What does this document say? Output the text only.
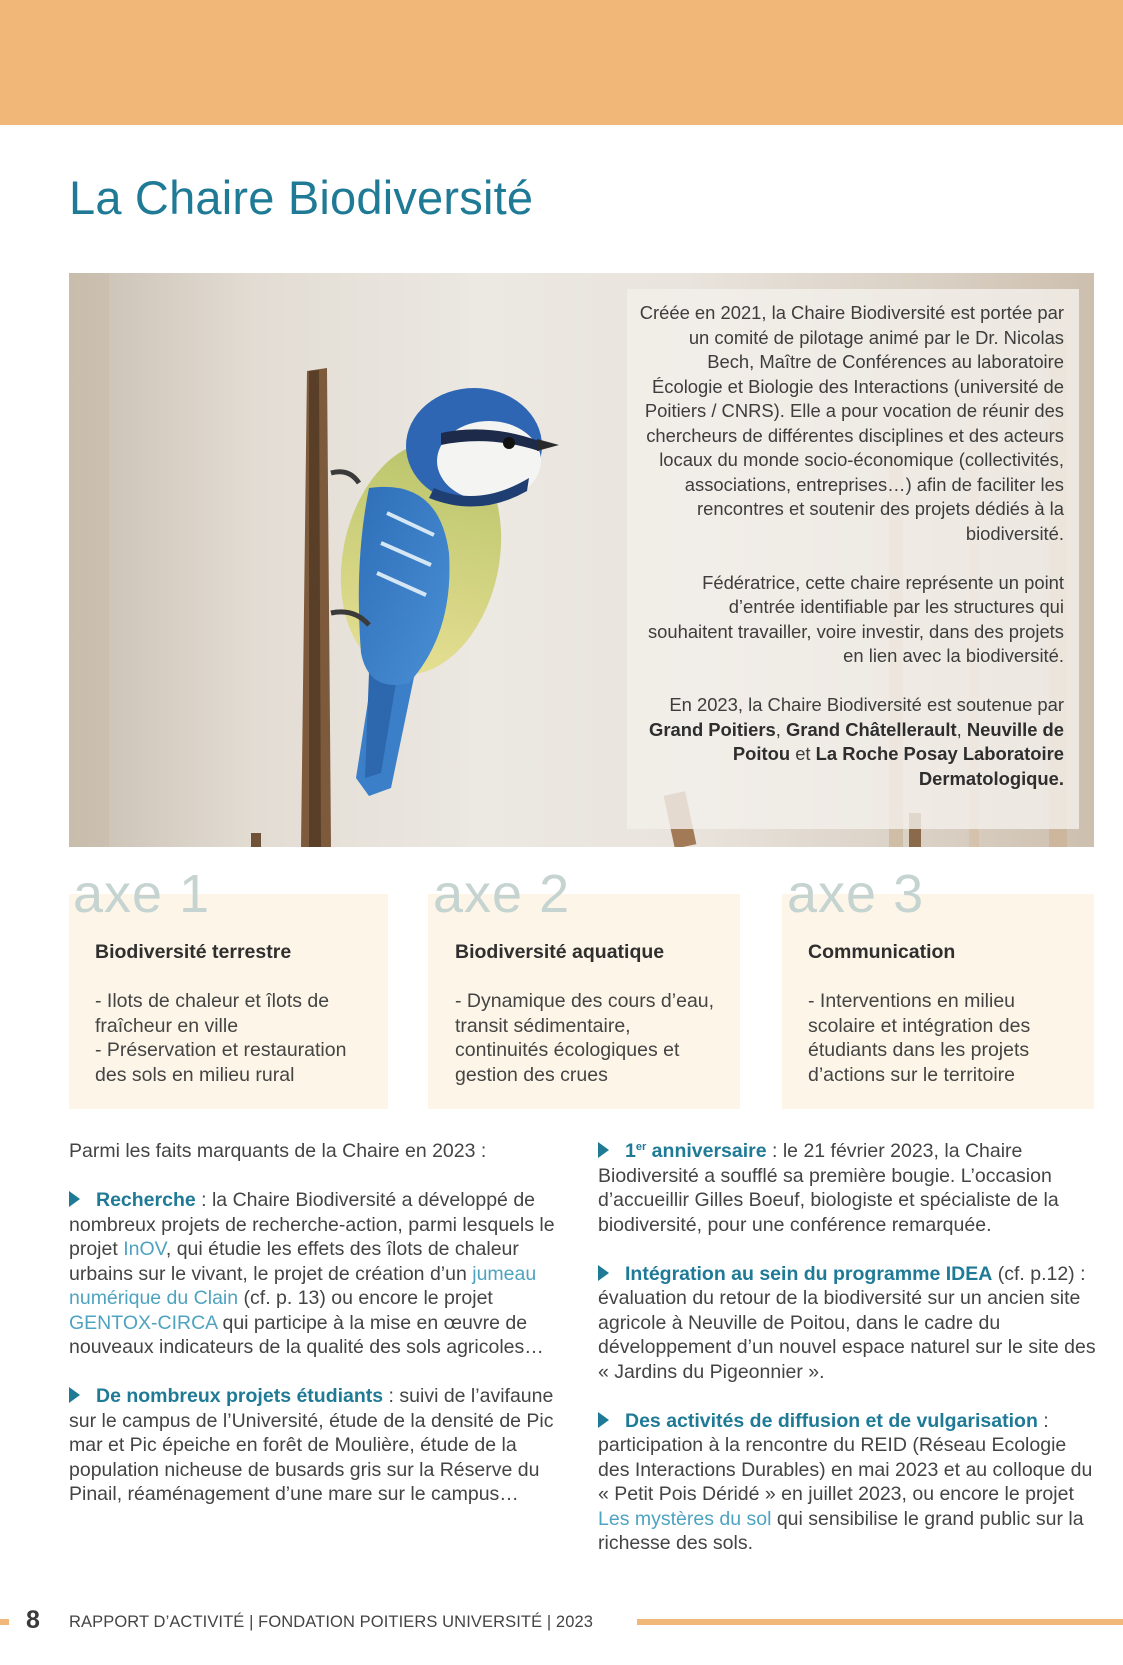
La Chaire Biodiversité

Créée en 2021, la Chaire Biodiversité est portée par un comité de pilotage animé par le Dr. Nicolas Bech, Maître de Conférences au laboratoire Écologie et Biologie des Interactions (université de Poitiers / CNRS). Elle a pour vocation de réunir des chercheurs de différentes disciplines et des acteurs locaux du monde socio-économique (collectivités, associations, entreprises…) afin de faciliter les rencontres et soutenir des projets dédiés à la biodiversité.

Fédératrice, cette chaire représente un point d’entrée identifiable par les structures qui souhaitent travailler, voire investir, dans des projets en lien avec la biodiversité.

En 2023, la Chaire Biodiversité est soutenue par Grand Poitiers, Grand Châtellerault, Neuville de Poitou et La Roche Posay Laboratoire Dermatologique.

axe 1	axe 2	axe 3
Biodiversité terrestre	Biodiversité aquatique	Communication
- Ilots de chaleur et îlots de fraîcheur en ville
- Préservation et restauration des sols en milieu rural
- Dynamique des cours d’eau, transit sédimentaire, continuités écologiques et gestion des crues
- Interventions en milieu scolaire et intégration des étudiants dans les projets d’actions sur le territoire

Parmi les faits marquants de la Chaire en 2023 :

Recherche : la Chaire Biodiversité a développé de nombreux projets de recherche-action, parmi lesquels le projet InOV, qui étudie les effets des îlots de chaleur urbains sur le vivant, le projet de création d’un jumeau numérique du Clain (cf. p. 13) ou encore le projet GENTOX-CIRCA qui participe à la mise en œuvre de nouveaux indicateurs de la qualité des sols agricoles…

De nombreux projets étudiants : suivi de l’avifaune sur le campus de l’Université, étude de la densité de Pic mar et Pic épeiche en forêt de Moulière, étude de la population nicheuse de busards gris sur la Réserve du Pinail, réaménagement d’une mare sur le campus…

1er anniversaire : le 21 février 2023, la Chaire Biodiversité a soufflé sa première bougie. L’occasion d’accueillir Gilles Boeuf, biologiste et spécialiste de la biodiversité, pour une conférence remarquée.

Intégration au sein du programme IDEA (cf. p.12) : évaluation du retour de la biodiversité sur un ancien site agricole à Neuville de Poitou, dans le cadre du développement d’un nouvel espace naturel sur le site des « Jardins du Pigeonnier ».

Des activités de diffusion et de vulgarisation : participation à la rencontre du REID (Réseau Ecologie des Interactions Durables) en mai 2023 et au colloque du « Petit Pois Déridé » en juillet 2023, ou encore le projet Les mystères du sol qui sensibilise le grand public sur la richesse des sols.

8 RAPPORT D’ACTIVITÉ | FONDATION POITIERS UNIVERSITÉ | 2023
